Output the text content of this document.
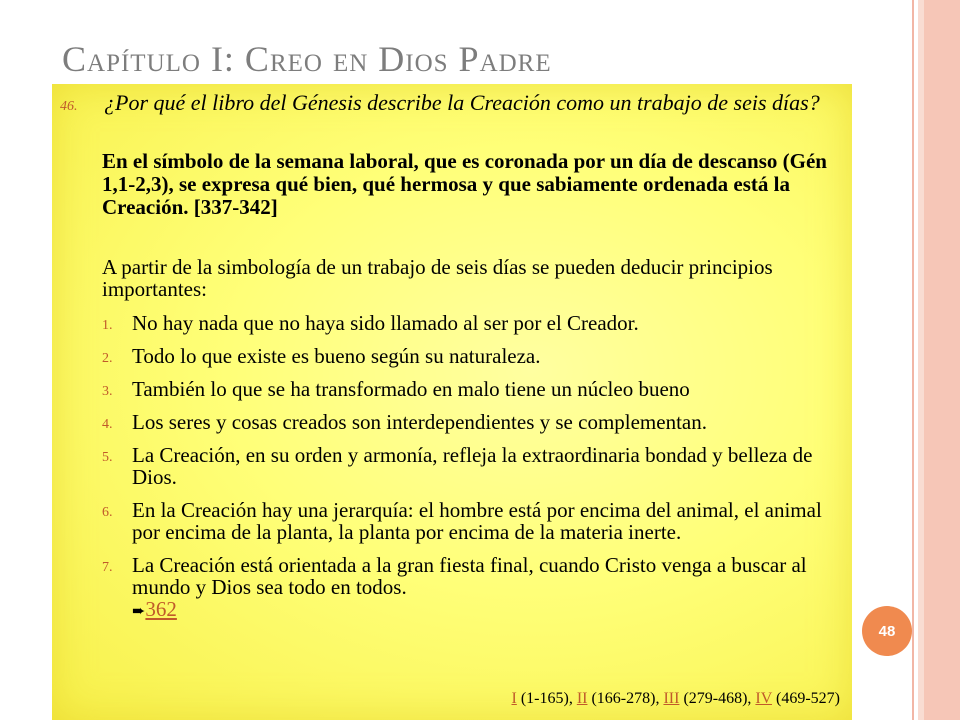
Capítulo I: Creo en Dios Padre
46. ¿Por qué el libro del Génesis describe la Creación como un trabajo de seis días?
En el símbolo de la semana laboral, que es coronada por un día de descanso (Gén 1,1-2,3), se expresa qué bien, qué hermosa y que sabiamente ordenada está la Creación. [337-342]
A partir de la simbología de un trabajo de seis días se pueden deducir principios importantes:
1. No hay nada que no haya sido llamado al ser por el Creador.
2. Todo lo que existe es bueno según su naturaleza.
3. También lo que se ha transformado en malo tiene un núcleo bueno
4. Los seres y cosas creados son interdependientes y se complementan.
5. La Creación, en su orden y armonía, refleja la extraordinaria bondad y belleza de Dios.
6. En la Creación hay una jerarquía: el hombre está por encima del animal, el animal por encima de la planta, la planta por encima de la materia inerte.
7. La Creación está orientada a la gran fiesta final, cuando Cristo venga a buscar al mundo y Dios sea todo en todos.
➨362
I (1-165), II (166-278), III (279-468), IV (469-527)
48
